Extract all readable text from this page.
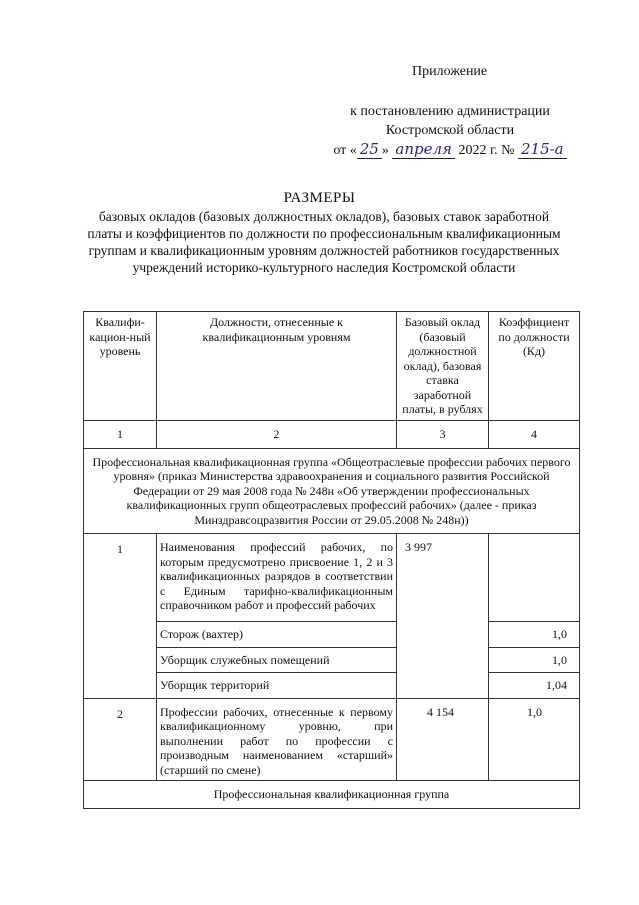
Приложение
к постановлению администрации
Костромской области
от « 25 » апреля 2022 г. № 215-а
РАЗМЕРЫ
базовых окладов (базовых должностных окладов), базовых ставок заработной платы и коэффициентов по должности по профессиональным квалификационным группам и квалификационным уровням должностей работников государственных учреждений историко-культурного наследия Костромской области
Квалифи-кацион-ный уровень	Должности, отнесенные к квалификационным уровням	Базовый оклад (базовый должностной оклад), базовая ставка заработной платы, в рублях	Коэффициент по должности (Кд)
1	2	3	4
Профессиональная квалификационная группа «Общеотраслевые профессии рабочих первого уровня» (приказ Министерства здравоохранения и социального развития Российской Федерации от 29 мая 2008 года № 248н «Об утверждении профессиональных квалификационных групп общеотраслевых профессий рабочих» (далее - приказ Минздравсоцразвития России от 29.05.2008 № 248н))			
1	Наименования профессий рабочих, по которым предусмотрено присвоение 1, 2 и 3 квалификационных разрядов в соответствии с Единым тарифно-квалификационным справочником работ и профессий рабочих	3 997	
	Сторож (вахтер)		1,0
	Уборщик служебных помещений		1,0
	Уборщик территорий		1,04
2	Профессии рабочих, отнесенные к первому квалификационному уровню, при выполнении работ по профессии с производным наименованием «старший» (старший по смене)	4 154	1,0
Профессиональная квалификационная группа			
